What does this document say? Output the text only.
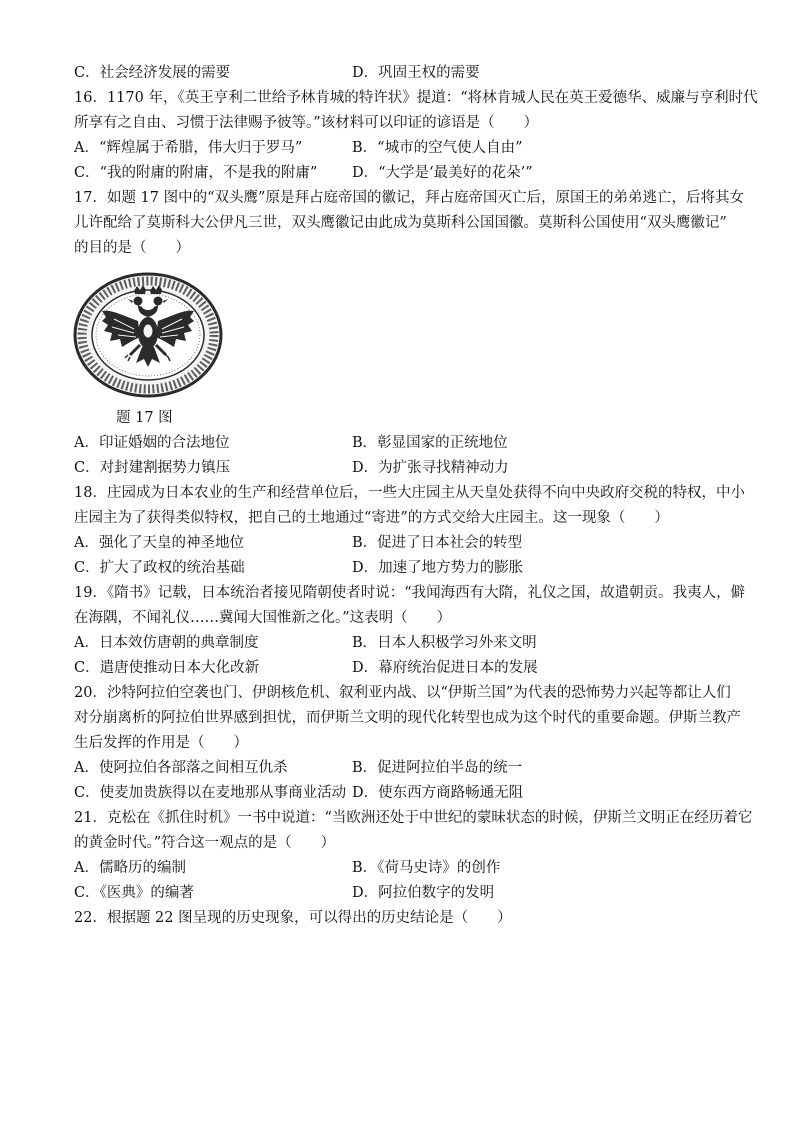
C．社会经济发展的需要	D．巩固王权的需要
16．1170 年，《英王亨利二世给予林肯城的特许状》提道：“将林肯城人民在英王爱德华、威廉与亨利时代
所享有之自由、习惯于法律赐予彼等。”该材料可以印证的谚语是（　　）
A．“辉煌属于希腊，伟大归于罗马”	B．“城市的空气使人自由”
C．“我的附庸的附庸，不是我的附庸” D．“大学是‘最美好的花朵’”
17．如题 17 图中的“双头鹰”原是拜占庭帝国的徽记，拜占庭帝国灭亡后，原国王的弟弟逃亡，后将其女
儿许配给了莫斯科大公伊凡三世，双头鹰徽记由此成为莫斯科公国国徽。莫斯科公国使用“双头鹰徽记”
的目的是（　　）
题 17 图
A．印证婚姻的合法地位	B．彰显国家的正统地位
C．对封建割据势力镇压	D．为扩张寻找精神动力
18．庄园成为日本农业的生产和经营单位后，一些大庄园主从天皇处获得不向中央政府交税的特权，中小
庄园主为了获得类似特权，把自己的土地通过“寄进”的方式交给大庄园主。这一现象（　　）
A．强化了天皇的神圣地位	B．促进了日本社会的转型
C．扩大了政权的统治基础	D．加速了地方势力的膨胀
19．《隋书》记载，日本统治者接见隋朝使者时说：“我闻海西有大隋，礼仪之国，故遣朝贡。我夷人，僻
在海隅，不闻礼仪……冀闻大国惟新之化。”这表明（　　）
A．日本效仿唐朝的典章制度	B．日本人积极学习外来文明
C．遣唐使推动日本大化改新	D．幕府统治促进日本的发展
20．沙特阿拉伯空袭也门、伊朗核危机、叙利亚内战、以“伊斯兰国”为代表的恐怖势力兴起等都让人们
对分崩离析的阿拉伯世界感到担忧，而伊斯兰文明的现代化转型也成为这个时代的重要命题。伊斯兰教产
生后发挥的作用是（　　）
A．使阿拉伯各部落之间相互仇杀	B．促进阿拉伯半岛的统一
C．使麦加贵族得以在麦地那从事商业活动 D．使东西方商路畅通无阻
21．克松在《抓住时机》一书中说道：“当欧洲还处于中世纪的蒙昧状态的时候，伊斯兰文明正在经历着它
的黄金时代。”符合这一观点的是（　　）
A．儒略历的编制	B．《荷马史诗》的创作
C．《医典》的编著	D．阿拉伯数字的发明
22．根据题 22 图呈现的历史现象，可以得出的历史结论是（　　）
